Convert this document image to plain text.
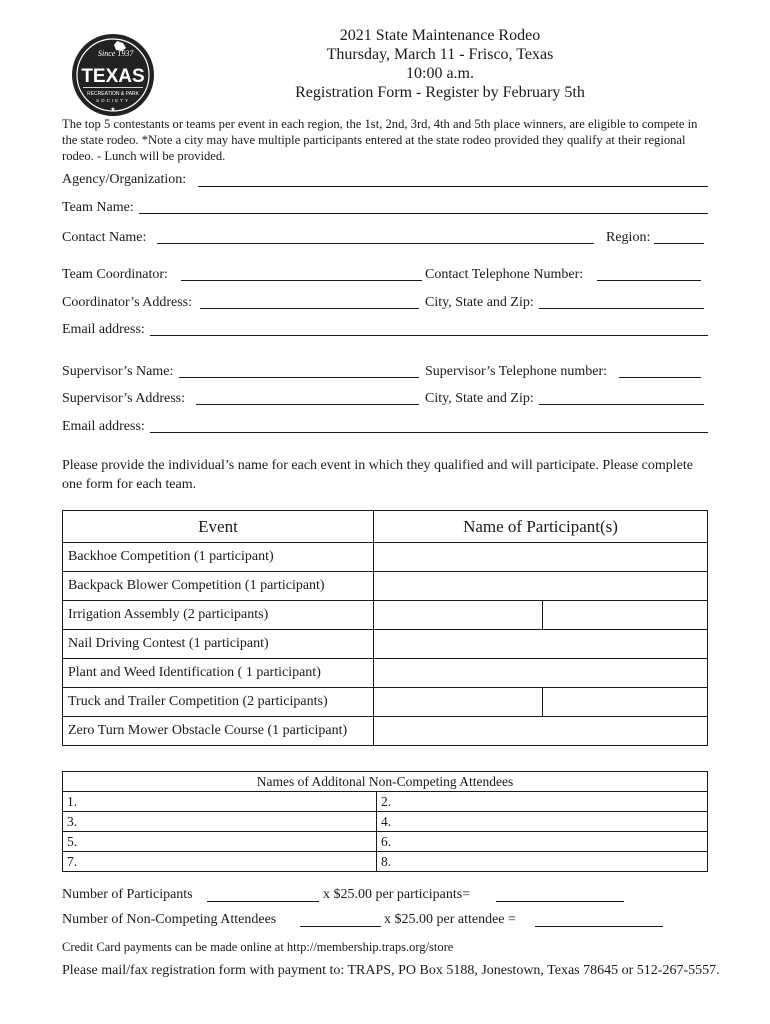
Since 1937
TEXAS
RECREATION & PARK
SOCIETY
★
2021 State Maintenance Rodeo
Thursday, March 11 - Frisco, Texas
10:00 a.m.
Registration Form - Register by February 5th
The top 5 contestants or teams per event in each region, the 1st, 2nd, 3rd, 4th and 5th place winners, are eligible to compete in the state rodeo. *Note a city may have multiple participants entered at the state rodeo provided they qualify at their regional rodeo. - Lunch will be provided.
Agency/Organization:
Team Name:
Contact Name:	Region:
Team Coordinator:	Contact Telephone Number:
Coordinator’s Address:	City, State and Zip:
Email address:
Supervisor’s Name:	Supervisor’s Telephone number:
Supervisor’s Address:	City, State and Zip:
Email address:
Please provide the individual’s name for each event in which they qualified and will participate. Please complete one form for each team.
Event	Name of Participant(s)	
Backhoe Competition (1 participant)		
Backpack Blower Competition (1 participant)		
Irrigation Assembly (2 participants)		
Nail Driving Contest (1 participant)		
Plant and Weed Identification ( 1 participant)		
Truck and Trailer Competition (2 participants)		
Zero Turn Mower Obstacle Course (1 participant)		
Names of Additonal Non-Competing Attendees	
1.	2.
3.	4.
5.	6.
7.	8.
Number of Participants	x $25.00 per participants=
Number of Non-Competing Attendees	x $25.00 per attendee =
Credit Card payments can be made online at http://membership.traps.org/store
Please mail/fax registration form with payment to: TRAPS, PO Box 5188, Jonestown, Texas 78645 or 512-267-5557.
